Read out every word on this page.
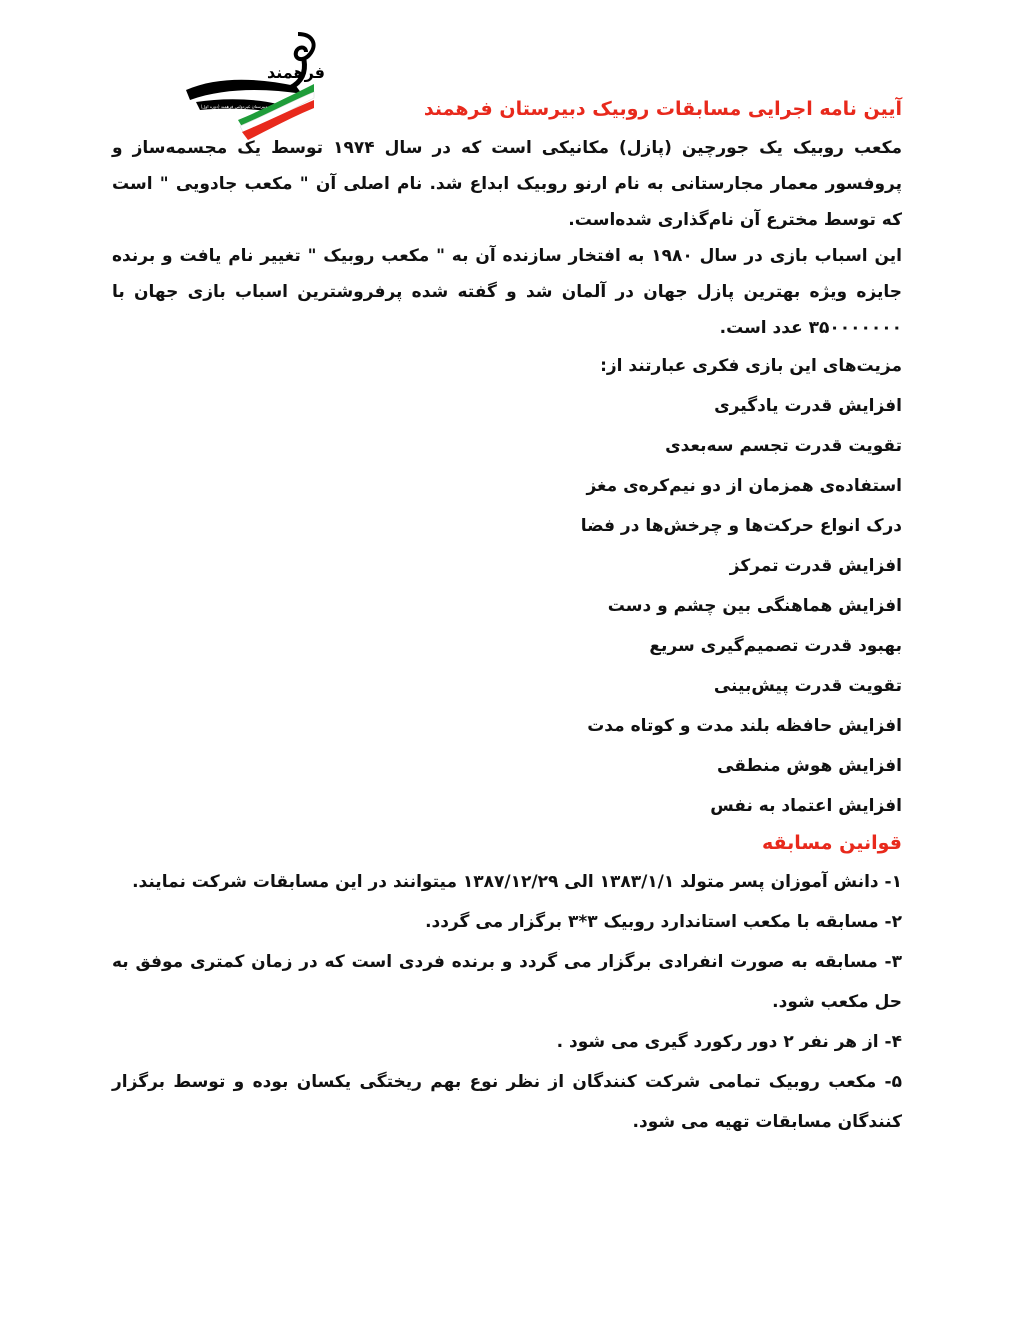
فرهمند
دبیرستان غیردولتی فرهمند (دوره اول)	آیین نامه اجرایی مسابقات روبیک دبیرستان فرهمند

مکعب روبیک یک جورچین (پازل) مکانیکی است که در سال ۱۹۷۴ توسط یک مجسمه‌ساز و پروفسور معمار مجارستانی به نام ارنو روبیک ابداع شد. نام اصلی آن " مکعب جادویی " است که توسط مخترع آن نام‌گذاری شده‌است.

این اسباب بازی در سال ۱۹۸۰ به افتخار سازنده آن به " مکعب روبیک " تغییر نام یافت و برنده جایزه ویژه بهترین پازل جهان در آلمان شد و گفته شده پرفروشترین اسباب بازی جهان با ۳۵۰۰۰۰۰۰۰ عدد است.

مزیت‌های این بازی فکری عبارتند از:

افزایش قدرت یادگیری
تقویت قدرت تجسم سه‌بعدی
استفاده‌ی همزمان از دو نیم‌کره‌ی مغز
درک انواع حرکت‌ها و چرخش‌ها در فضا
افزایش قدرت تمرکز
افزایش هماهنگی بین چشم و دست
بهبود قدرت تصمیم‌گیری سریع
تقویت قدرت پیش‌بینی
افزایش حافظه بلند مدت و کوتاه مدت
افزایش هوش منطقی
افزایش اعتماد به نفس
قوانین مسابقه
۱- دانش آموزان پسر متولد ۱۳۸۳/۱/۱ الی ۱۳۸۷/۱۲/۲۹ میتوانند در این مسابقات شرکت نمایند.
۲- مسابقه با مکعب استاندارد روبیک ۳*۳ برگزار می گردد.
۳- مسابقه به صورت انفرادی برگزار می گردد و برنده فردی است که در زمان کمتری موفق به حل مکعب شود.
۴- از هر نفر ۲ دور رکورد گیری می شود .
۵- مکعب روبیک تمامی شرکت کنندگان از نظر نوع بهم ریختگی یکسان بوده و توسط برگزار کنندگان مسابقات تهیه می شود.
